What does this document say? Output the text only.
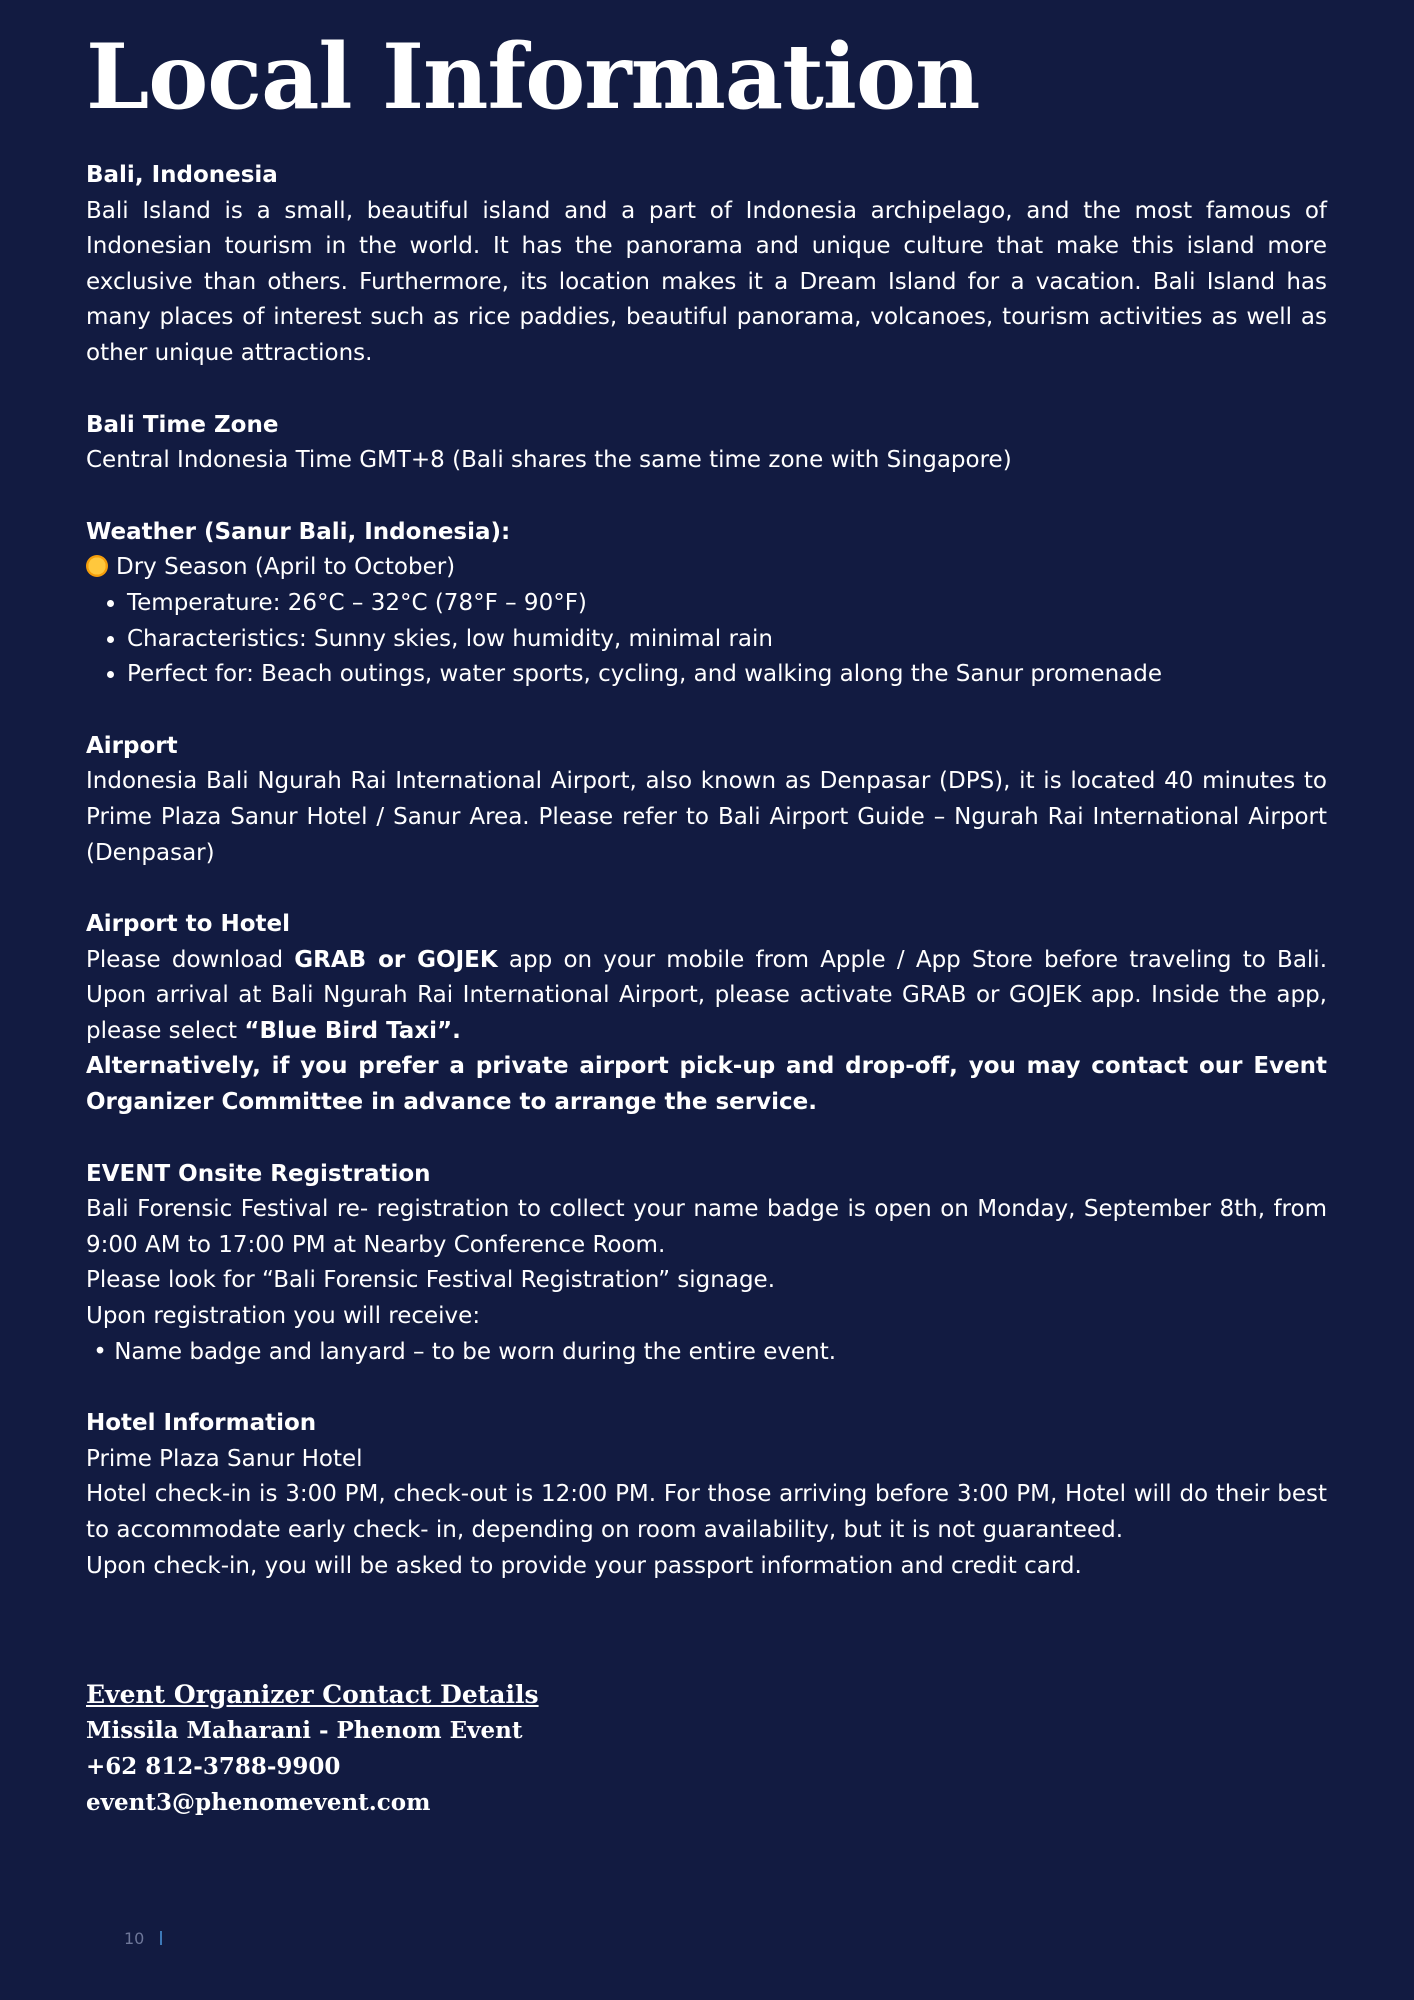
Local Information
Bali, Indonesia
Bali Island is a small, beautiful island and a part of Indonesia archipelago, and the most famous of Indonesian tourism in the world. It has the panorama and unique culture that make this island more exclusive than others. Furthermore, its location makes it a Dream Island for a vacation. Bali Island has many places of interest such as rice paddies, beautiful panorama, volcanoes, tourism activities as well as other unique attractions.
Bali Time Zone
Central Indonesia Time GMT+8 (Bali shares the same time zone with Singapore)
Weather (Sanur Bali, Indonesia):
Dry Season (April to October)
• Temperature: 26°C – 32°C (78°F – 90°F)
• Characteristics: Sunny skies, low humidity, minimal rain
• Perfect for: Beach outings, water sports, cycling, and walking along the Sanur promenade
Airport
Indonesia Bali Ngurah Rai International Airport, also known as Denpasar (DPS), it is located 40 minutes to Prime Plaza Sanur Hotel / Sanur Area. Please refer to Bali Airport Guide – Ngurah Rai International Airport (Denpasar)
Airport to Hotel
Please download GRAB or GOJEK app on your mobile from Apple / App Store before traveling to Bali. Upon arrival at Bali Ngurah Rai International Airport, please activate GRAB or GOJEK app. Inside the app, please select “Blue Bird Taxi”.
Alternatively, if you prefer a private airport pick-up and drop-off, you may contact our Event Organizer Committee in advance to arrange the service.
EVENT Onsite Registration
Bali Forensic Festival re- registration to collect your name badge is open on Monday, September 8th, from 9:00 AM to 17:00 PM at Nearby Conference Room.
Please look for “Bali Forensic Festival Registration” signage.
Upon registration you will receive:
• Name badge and lanyard – to be worn during the entire event.
Hotel Information
Prime Plaza Sanur Hotel
Hotel check-in is 3:00 PM, check-out is 12:00 PM. For those arriving before 3:00 PM, Hotel will do their best to accommodate early check- in, depending on room availability, but it is not guaranteed.
Upon check-in, you will be asked to provide your passport information and credit card.
Event Organizer Contact Details
Missila Maharani - Phenom Event
+62 812-3788-9900
event3@phenomevent.com
10
